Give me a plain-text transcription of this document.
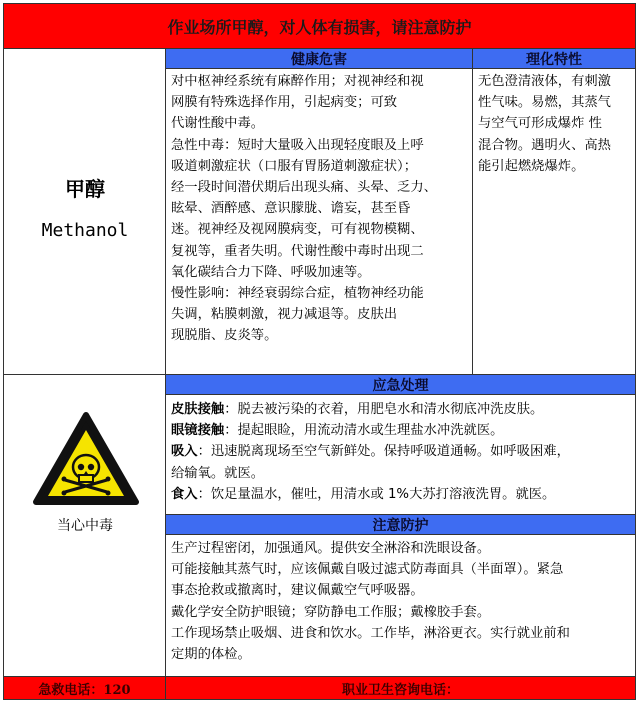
作业场所甲醇，对人体有损害，请注意防护
甲醇
Methanol
当心中毒
健康危害	理化特性

对中枢神经系统有麻醉作用；对视神经和视

网膜有特殊选择作用，引起病变；可致

代谢性酸中毒。

急性中毒：短时大量吸入出现轻度眼及上呼

吸道刺激症状（口服有胃肠道刺激症状）；

经一段时间潜伏期后出现头痛、头晕、乏力、

眩晕、酒醉感、意识朦胧、谵妄，甚至昏

迷。视神经及视网膜病变，可有视物模糊、

复视等，重者失明。代谢性酸中毒时出现二

氧化碳结合力下降、呼吸加速等。

慢性影响：神经衰弱综合症，植物神经功能

失调，粘膜刺激，视力减退等。皮肤出

现脱脂、皮炎等。

无色澄清液体，有刺激

性气味。易燃，其蒸气

与空气可形成爆炸 性

混合物。遇明火、高热

能引起燃烧爆炸。

应急处理

皮肤接触：脱去被污染的衣着，用肥皂水和清水彻底冲洗皮肤。

眼镜接触：提起眼睑，用流动清水或生理盐水冲洗就医。

吸入：迅速脱离现场至空气新鲜处。保持呼吸道通畅。如呼吸困难，

给输氧。就医。

食入：饮足量温水，催吐，用清水或 1%大苏打溶液洗胃。就医。

注意防护

生产过程密闭，加强通风。提供安全淋浴和洗眼设备。

可能接触其蒸气时，应该佩戴自吸过滤式防毒面具（半面罩）。紧急

事态抢救或撤离时，建议佩戴空气呼吸器。

戴化学安全防护眼镜；穿防静电工作服；戴橡胶手套。

工作现场禁止吸烟、进食和饮水。工作毕，淋浴更衣。实行就业前和

定期的体检。

急救电话：120	职业卫生咨询电话：
